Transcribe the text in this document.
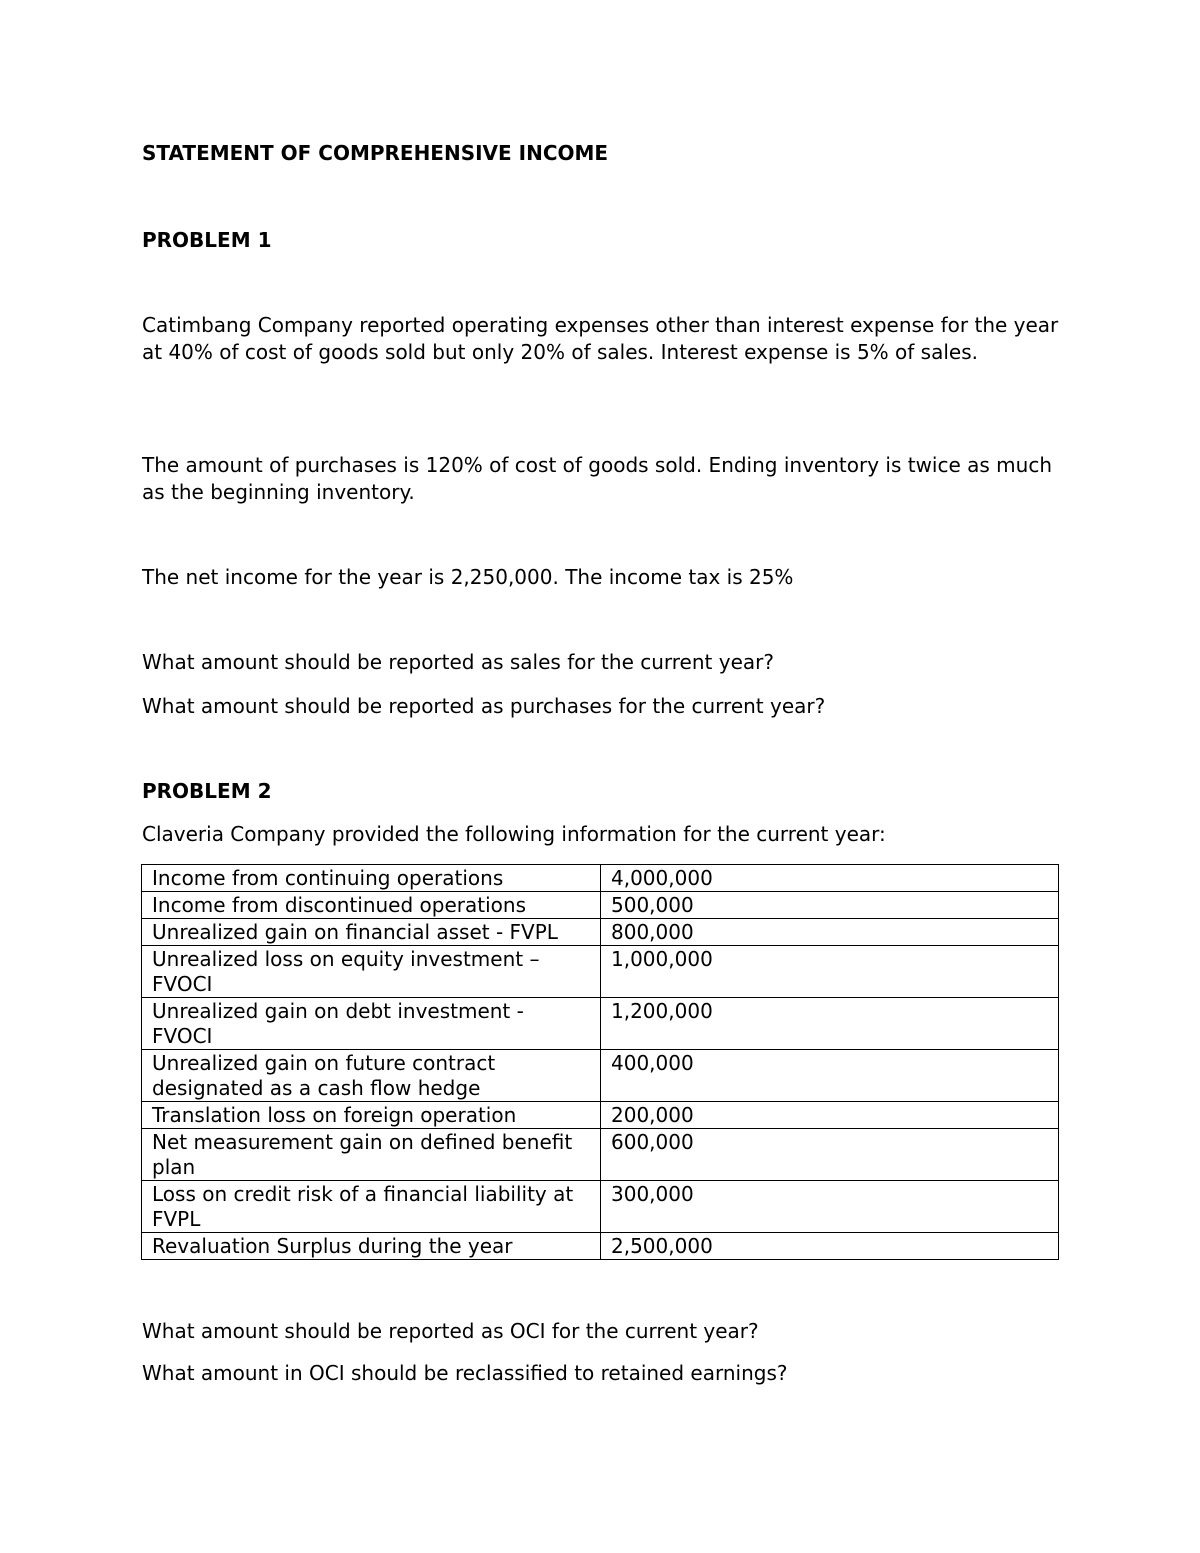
STATEMENT OF COMPREHENSIVE INCOME

PROBLEM 1

Catimbang Company reported operating expenses other than interest expense for the year at 40% of cost of goods sold but only 20% of sales. Interest expense is 5% of sales.

The amount of purchases is 120% of cost of goods sold. Ending inventory is twice as much as the beginning inventory.

The net income for the year is 2,250,000. The income tax is 25%

What amount should be reported as sales for the current year?

What amount should be reported as purchases for the current year?

PROBLEM 2

Claveria Company provided the following information for the current year:

Income from continuing operations	4,000,000
Income from discontinued operations	500,000
Unrealized gain on financial asset - FVPL	800,000
Unrealized loss on equity investment – FVOCI	1,000,000
Unrealized gain on debt investment - FVOCI	1,200,000
Unrealized gain on future contract designated as a cash flow hedge	400,000
Translation loss on foreign operation	200,000
Net measurement gain on defined benefit plan	600,000
Loss on credit risk of a financial liability at FVPL	300,000
Revaluation Surplus during the year	2,500,000

What amount should be reported as OCI for the current year?

What amount in OCI should be reclassified to retained earnings?
